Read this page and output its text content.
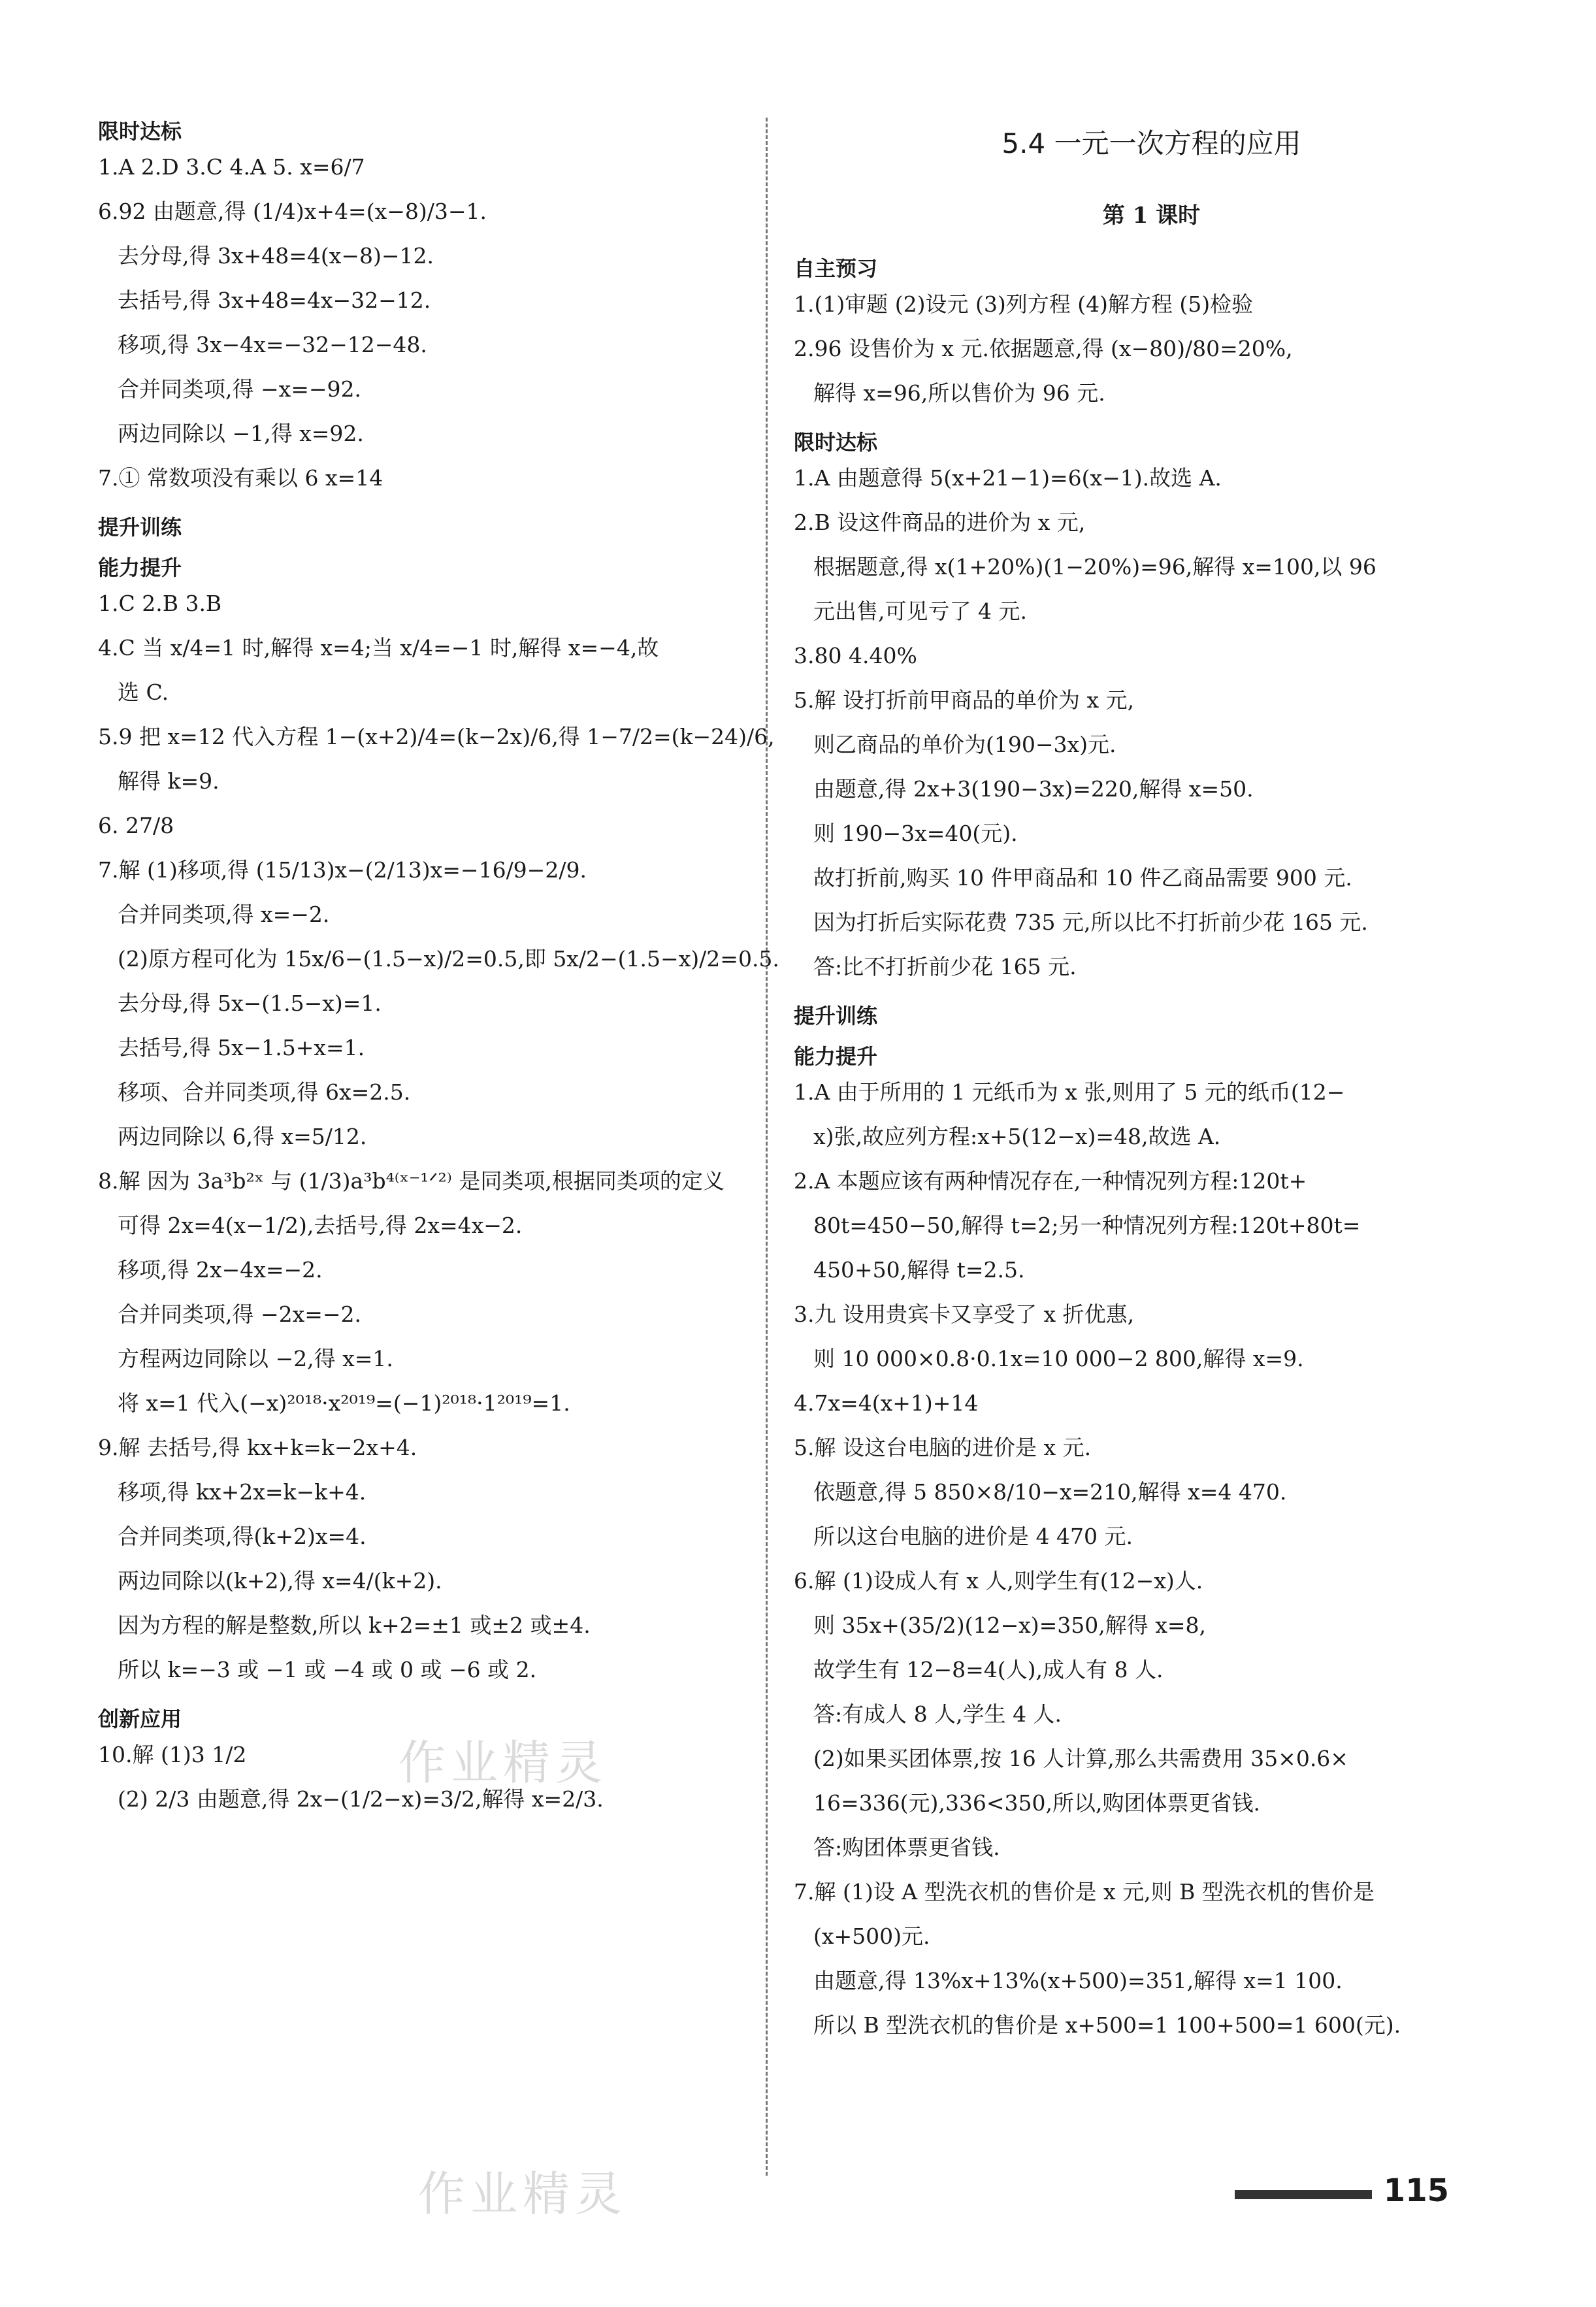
限时达标
1.A 2.D 3.C 4.A 5. x=6/7
6.92 由题意,得 (1/4)x+4=(x−8)/3−1.
去分母,得 3x+48=4(x−8)−12.
去括号,得 3x+48=4x−32−12.
移项,得 3x−4x=−32−12−48.
合并同类项,得 −x=−92.
两边同除以 −1,得 x=92.
7.① 常数项没有乘以 6 x=14
提升训练
能力提升
1.C 2.B 3.B
4.C 当 x/4=1 时,解得 x=4;当 x/4=−1 时,解得 x=−4,故
选 C.
5.9 把 x=12 代入方程 1−(x+2)/4=(k−2x)/6,得 1−7/2=(k−24)/6,
解得 k=9.
6. 27/8
7.解 (1)移项,得 (15/13)x−(2/13)x=−16/9−2/9.
合并同类项,得 x=−2.
(2)原方程可化为 15x/6−(1.5−x)/2=0.5,即 5x/2−(1.5−x)/2=0.5.
去分母,得 5x−(1.5−x)=1.
去括号,得 5x−1.5+x=1.
移项、合并同类项,得 6x=2.5.
两边同除以 6,得 x=5/12.
8.解 因为 3a³b²ˣ 与 (1/3)a³b⁴⁽ˣ⁻¹ᐟ²⁾ 是同类项,根据同类项的定义
可得 2x=4(x−1/2),去括号,得 2x=4x−2.
移项,得 2x−4x=−2.
合并同类项,得 −2x=−2.
方程两边同除以 −2,得 x=1.
将 x=1 代入(−x)²⁰¹⁸·x²⁰¹⁹=(−1)²⁰¹⁸·1²⁰¹⁹=1.
9.解 去括号,得 kx+k=k−2x+4.
移项,得 kx+2x=k−k+4.
合并同类项,得(k+2)x=4.
两边同除以(k+2),得 x=4/(k+2).
因为方程的解是整数,所以 k+2=±1 或±2 或±4.
所以 k=−3 或 −1 或 −4 或 0 或 −6 或 2.
创新应用
10.解 (1)3 1/2
(2) 2/3 由题意,得 2x−(1/2−x)=3/2,解得 x=2/3.
5.4 一元一次方程的应用
第 1 课时
自主预习
1.(1)审题 (2)设元 (3)列方程 (4)解方程 (5)检验
2.96 设售价为 x 元.依据题意,得 (x−80)/80=20%,
解得 x=96,所以售价为 96 元.
限时达标
1.A 由题意得 5(x+21−1)=6(x−1).故选 A.
2.B 设这件商品的进价为 x 元,
根据题意,得 x(1+20%)(1−20%)=96,解得 x=100,以 96
元出售,可见亏了 4 元.
3.80 4.40%
5.解 设打折前甲商品的单价为 x 元,
则乙商品的单价为(190−3x)元.
由题意,得 2x+3(190−3x)=220,解得 x=50.
则 190−3x=40(元).
故打折前,购买 10 件甲商品和 10 件乙商品需要 900 元.
因为打折后实际花费 735 元,所以比不打折前少花 165 元.
答:比不打折前少花 165 元.
提升训练
能力提升
1.A 由于所用的 1 元纸币为 x 张,则用了 5 元的纸币(12−
x)张,故应列方程:x+5(12−x)=48,故选 A.
2.A 本题应该有两种情况存在,一种情况列方程:120t+
80t=450−50,解得 t=2;另一种情况列方程:120t+80t=
450+50,解得 t=2.5.
3.九 设用贵宾卡又享受了 x 折优惠,
则 10 000×0.8·0.1x=10 000−2 800,解得 x=9.
4.7x=4(x+1)+14
5.解 设这台电脑的进价是 x 元.
依题意,得 5 850×8/10−x=210,解得 x=4 470.
所以这台电脑的进价是 4 470 元.
6.解 (1)设成人有 x 人,则学生有(12−x)人.
则 35x+(35/2)(12−x)=350,解得 x=8,
故学生有 12−8=4(人),成人有 8 人.
答:有成人 8 人,学生 4 人.
(2)如果买团体票,按 16 人计算,那么共需费用 35×0.6×
16=336(元),336<350,所以,购团体票更省钱.
答:购团体票更省钱.
7.解 (1)设 A 型洗衣机的售价是 x 元,则 B 型洗衣机的售价是
(x+500)元.
由题意,得 13%x+13%(x+500)=351,解得 x=1 100.
所以 B 型洗衣机的售价是 x+500=1 100+500=1 600(元).
作业精灵
作业精灵	115
